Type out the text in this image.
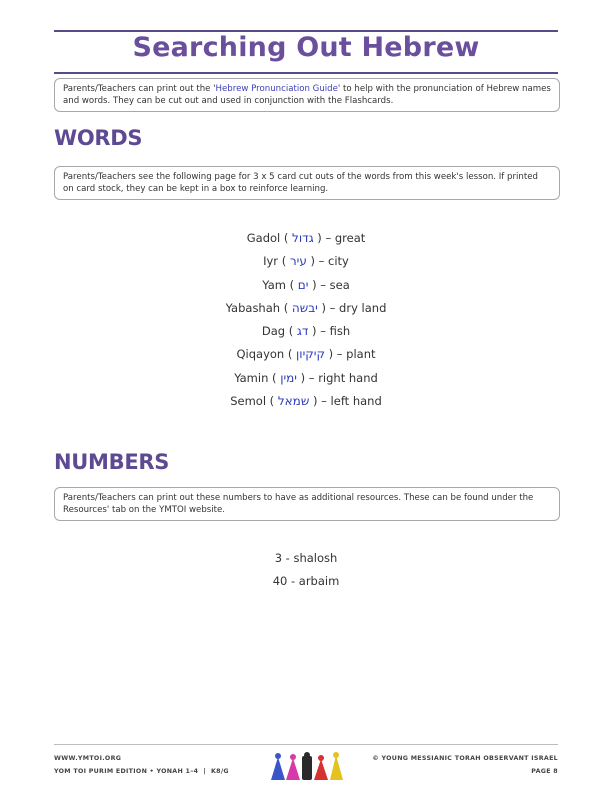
Searching Out Hebrew
Parents/Teachers can print out the 'Hebrew Pronunciation Guide' to help with the pronunciation of Hebrew names and words. They can be cut out and used in conjunction with the Flashcards.
WORDS
Parents/Teachers see the following page for 3 x 5 card cut outs of the words from this week's lesson. If printed on card stock, they can be kept in a box to reinforce learning.
Gadol ( גדול ) – great
Iyr ( עיר ) – city
Yam ( ים ) – sea
Yabashah ( יבשה ) – dry land
Dag ( דג ) – fish
Qiqayon ( קיקיון ) – plant
Yamin ( ימין ) – right hand
Semol ( שמאל ) – left hand
NUMBERS
Parents/Teachers can print out these numbers to have as additional resources. These can be found under the Resources' tab on the YMTOI website.
3 - shalosh
40 - arbaim
WWW.YMTOI.ORG
YOM TOI PURIM EDITION • YONAH 1–4  |  K8/G
© YOUNG MESSIANIC TORAH OBSERVANT ISRAEL
PAGE 8
